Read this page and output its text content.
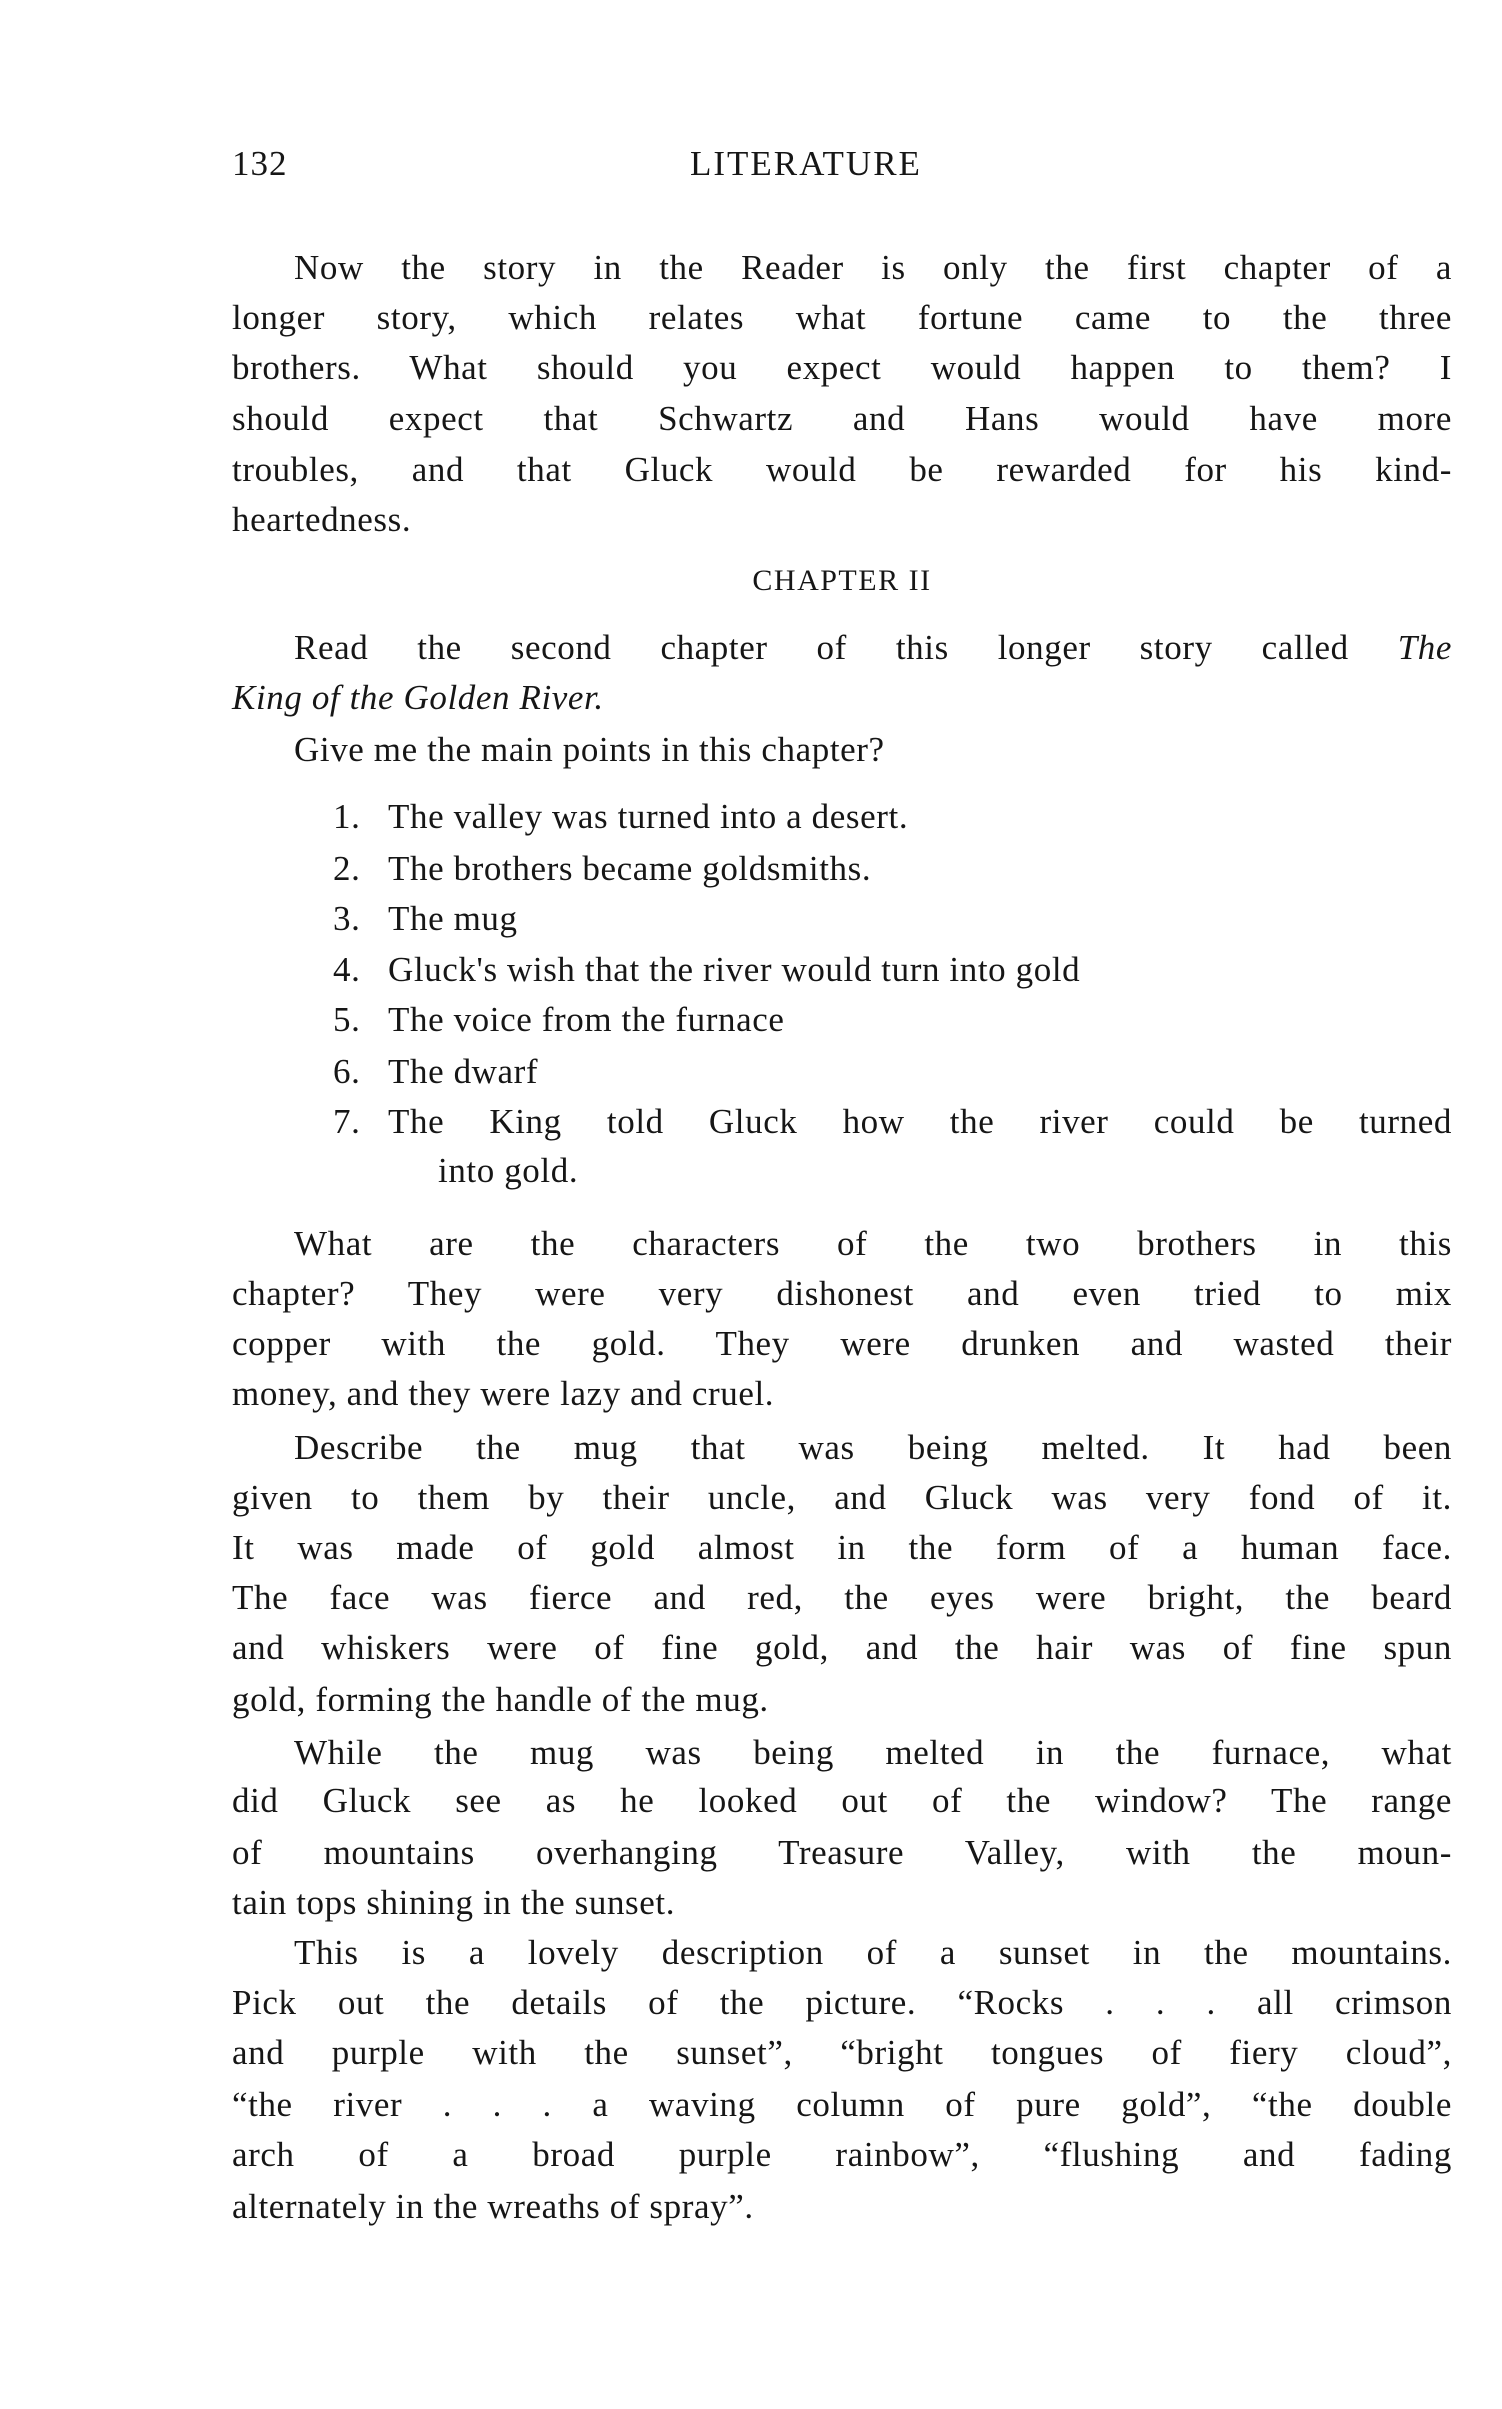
132	LITERATURE
Now the story in the Reader is only the first chapter of a
longer story, which relates what fortune came to the three
brothers. What should you expect would happen to them? I
should expect that Schwartz and Hans would have more
troubles, and that Gluck would be rewarded for his kind-
heartedness.
CHAPTER II
Read the second chapter of this longer story called The
King of the Golden River.
Give me the main points in this chapter?
1. The valley was turned into a desert.
2. The brothers became goldsmiths.
3. The mug
4. Gluck's wish that the river would turn into gold
5. The voice from the furnace
6. The dwarf
7. The King told Gluck how the river could be turned
into gold.
What are the characters of the two brothers in this
chapter? They were very dishonest and even tried to mix
copper with the gold. They were drunken and wasted their
money, and they were lazy and cruel.
Describe the mug that was being melted. It had been
given to them by their uncle, and Gluck was very fond of it.
It was made of gold almost in the form of a human face.
The face was fierce and red, the eyes were bright, the beard
and whiskers were of fine gold, and the hair was of fine spun
gold, forming the handle of the mug.
While the mug was being melted in the furnace, what
did Gluck see as he looked out of the window? The range
of mountains overhanging Treasure Valley, with the moun-
tain tops shining in the sunset.
This is a lovely description of a sunset in the mountains.
Pick out the details of the picture. “Rocks . . . all crimson
and purple with the sunset”, “bright tongues of fiery cloud”,
“the river . . . a waving column of pure gold”, “the double
arch of a broad purple rainbow”, “flushing and fading
alternately in the wreaths of spray”.
